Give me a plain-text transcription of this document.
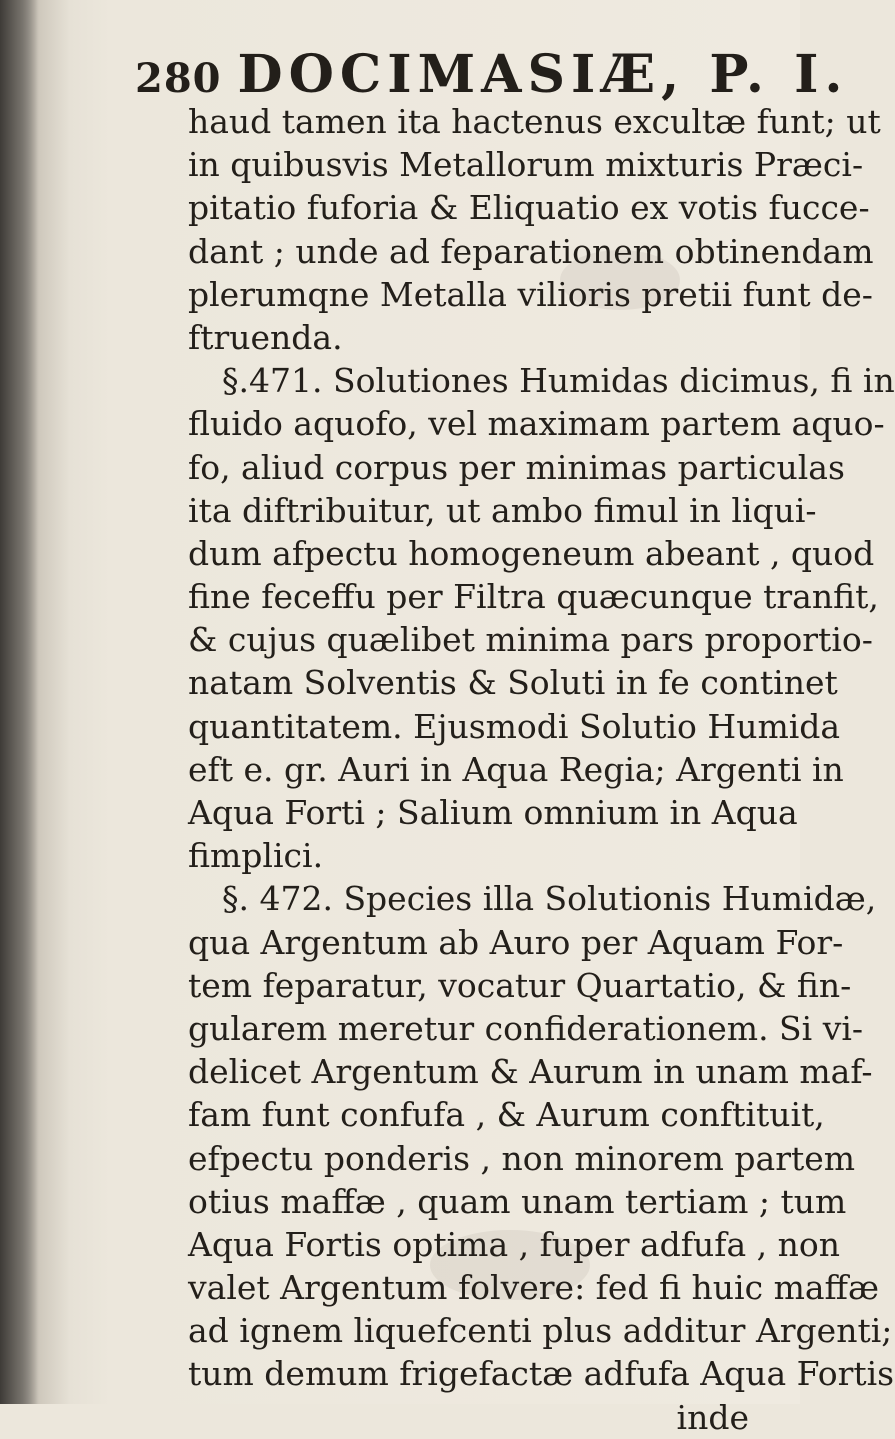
280 DOCIMASIÆ, P. I.
haud tamen ita hactenus excultæ funt; ut
in quibusvis Metallorum mixturis Præci-
pitatio fuforia & Eliquatio ex votis fucce-
dant ; unde ad feparationem obtinendam
plerumqne Metalla vilioris pretii funt de-
ftruenda.
§.471. Solutiones Humidas dicimus, fi in
fluido aquofo, vel maximam partem aquo-
fo, aliud corpus per minimas particulas
ita diftribuitur, ut ambo fimul in liqui-
dum afpectu homogeneum abeant , quod
fine feceffu per Filtra quæcunque tranfit,
& cujus quælibet minima pars proportio-
natam Solventis & Soluti in fe continet
quantitatem. Ejusmodi Solutio Humida
eft e. gr. Auri in Aqua Regia; Argenti in
Aqua Forti ; Salium omnium in Aqua
fimplici.
§. 472. Species illa Solutionis Humidæ,
qua Argentum ab Auro per Aquam For-
tem feparatur, vocatur Quartatio, & fin-
gularem meretur confiderationem. Si vi-
delicet Argentum & Aurum in unam maf-
fam funt confufa , & Aurum conftituit,
efpectu ponderis , non minorem partem
otius maffæ , quam unam tertiam ; tum
Aqua Fortis optima , fuper adfufa , non
valet Argentum folvere: fed fi huic maffæ
ad ignem liquefcenti plus additur Argenti;
tum demum frigefactæ adfufa Aqua Fortis
inde
